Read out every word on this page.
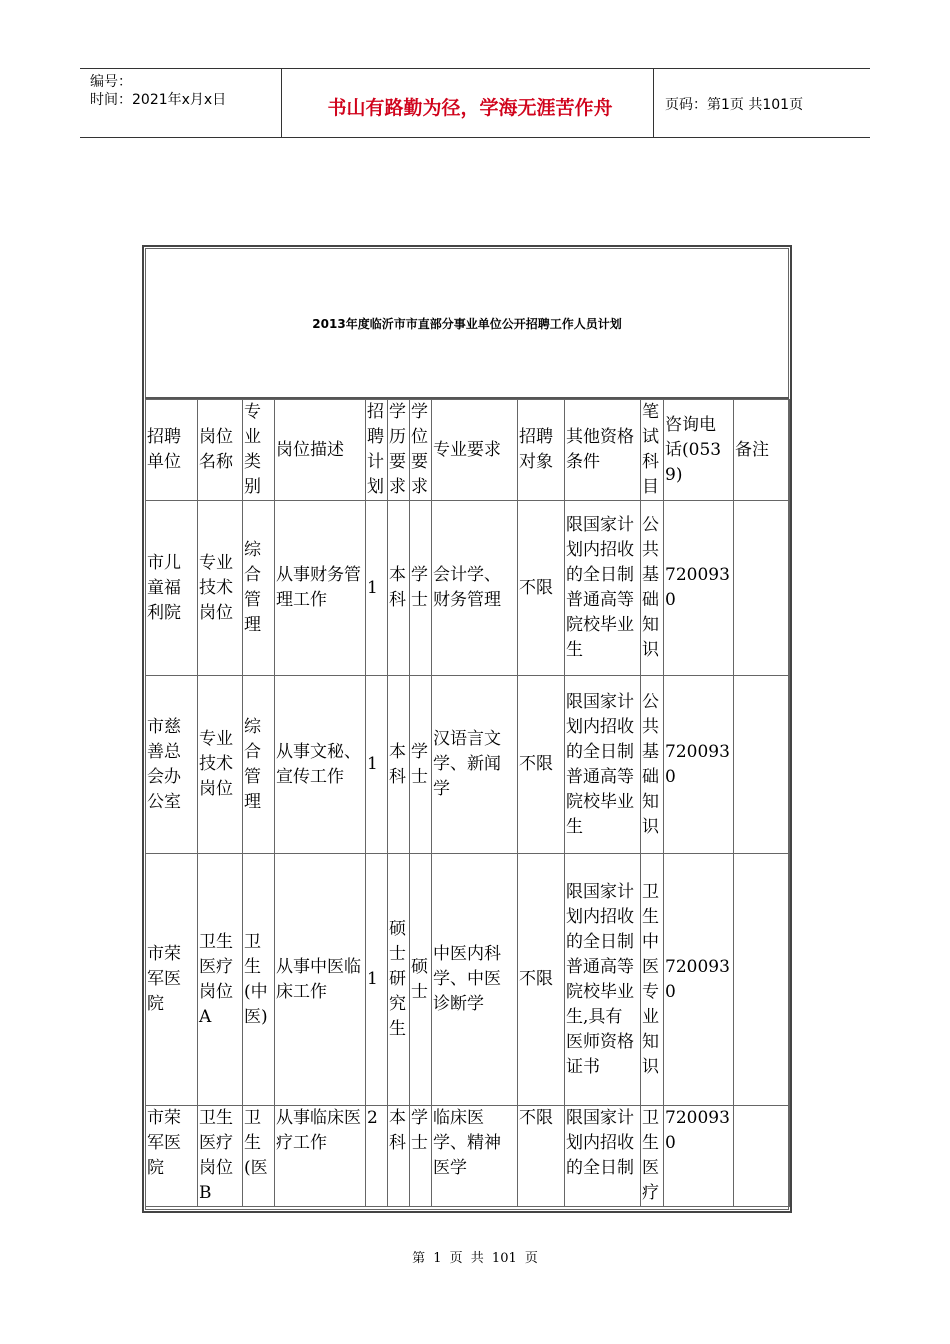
编号：
时间：2021年x月x日	书山有路勤为径，学海无涯苦作舟	页码：第1页 共101页
2013年度临沂市市直部分事业单位公开招聘工作人员计划
招聘单位	岗位名称	专业类别	岗位描述	招聘计划	学历要求	学位要求	专业要求	招聘对象	其他资格条件	笔试科目	咨询电话(0539)	备注
市儿童福利院	专业技术岗位	综合管理	从事财务管理工作	1	本科	学士	会计学、财务管理	不限	限国家计划内招收的全日制普通高等院校毕业生	公共基础知识	7200930	
市慈善总会办公室	专业技术岗位	综合管理	从事文秘、宣传工作	1	本科	学士	汉语言文学、新闻学	不限	限国家计划内招收的全日制普通高等院校毕业生	公共基础知识	7200930	
市荣军医院	卫生医疗岗位A	卫生(中医)	从事中医临床工作	1	硕士研究生	硕士	中医内科学、中医诊断学	不限	限国家计划内招收的全日制普通高等院校毕业生,具有医师资格证书	卫生中医专业知识	7200930	
市荣军医院	卫生医疗岗位B	卫生(医	从事临床医疗工作	2	本科	学士	临床医学、精神医学	不限	限国家计划内招收的全日制	卫生医疗	7200930	
第 1 页 共 101 页
